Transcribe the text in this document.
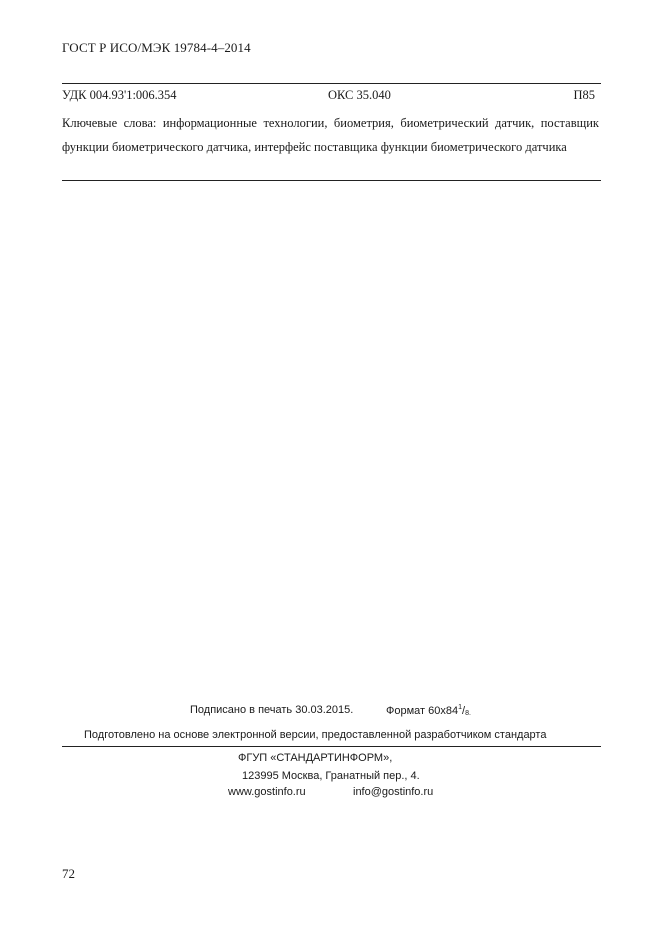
ГОСТ Р ИСО/МЭК 19784-4–2014
УДК 004.93'1:006.354	ОКС 35.040	П85
Ключевые слова: информационные технологии, биометрия, биометрический датчик, поставщик функции биометрического датчика, интерфейс поставщика функции биометрического датчика
Подписано в печать 30.03.2015.	Формат $60x84^1/_{8.}$
Подготовлено на основе электронной версии, предоставленной разработчиком стандарта
ФГУП «СТАНДАРТИНФОРМ»,
123995 Москва, Гранатный пер., 4.
www.gostinfo.ru	info@gostinfo.ru
72
